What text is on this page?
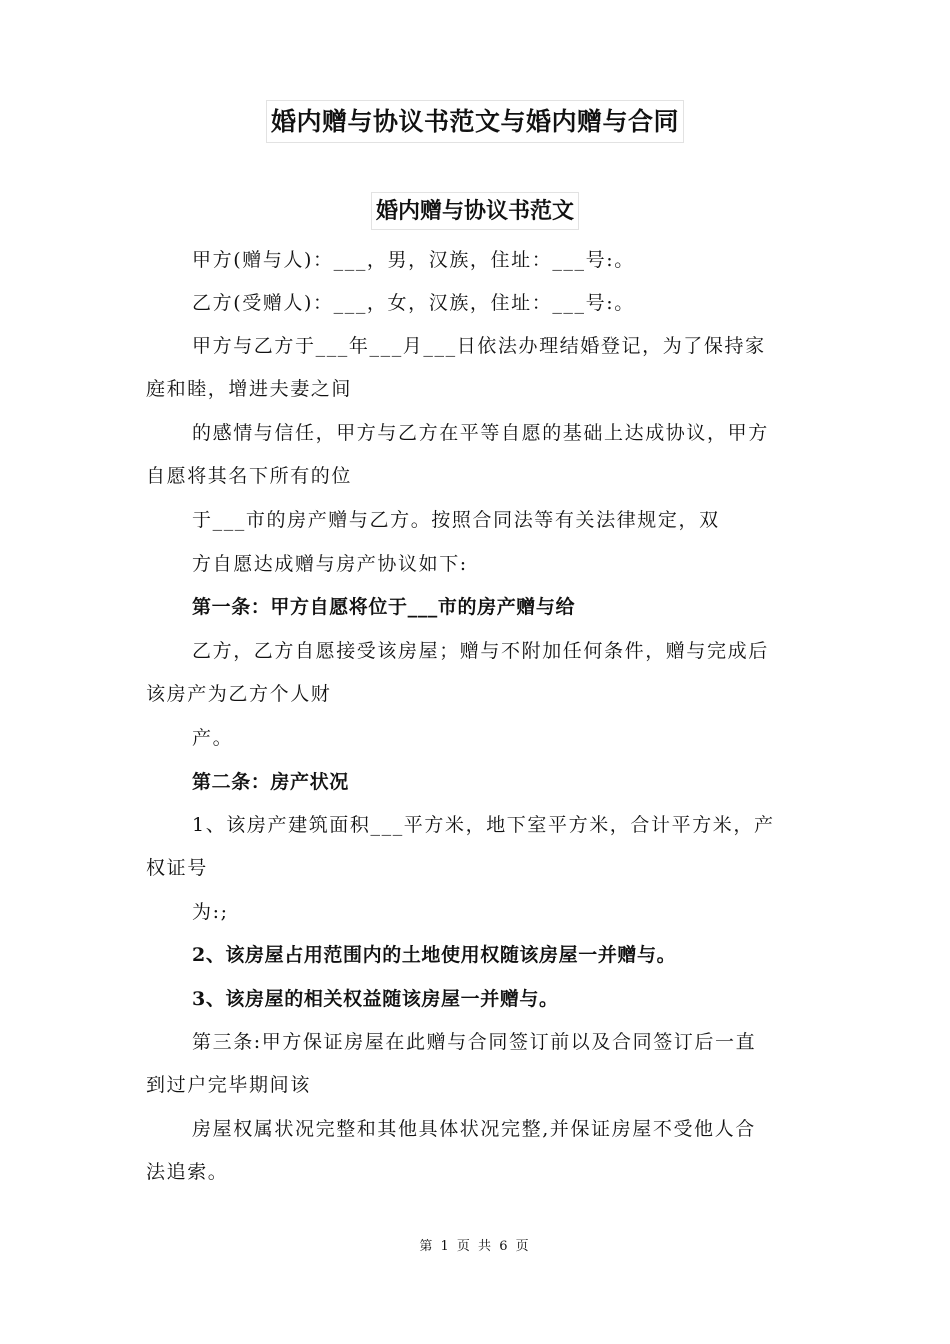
婚内赠与协议书范文与婚内赠与合同
婚内赠与协议书范文
甲方(赠与人)：___，男，汉族，住址：___号:。
乙方(受赠人)：___，女，汉族，住址：___号:。
甲方与乙方于___年___月___日依法办理结婚登记，为了保持家
庭和睦，增进夫妻之间
的感情与信任，甲方与乙方在平等自愿的基础上达成协议，甲方
自愿将其名下所有的位
于___市的房产赠与乙方。按照合同法等有关法律规定，双
方自愿达成赠与房产协议如下:
第一条：甲方自愿将位于___市的房产赠与给
乙方，乙方自愿接受该房屋；赠与不附加任何条件，赠与完成后
该房产为乙方个人财
产。
第二条：房产状况
1、该房产建筑面积___平方米，地下室平方米，合计平方米，产
权证号
为:;
2、该房屋占用范围内的土地使用权随该房屋一并赠与。
3、该房屋的相关权益随该房屋一并赠与。
第三条:甲方保证房屋在此赠与合同签订前以及合同签订后一直
到过户完毕期间该
房屋权属状况完整和其他具体状况完整,并保证房屋不受他人合
法追索。
第 1 页 共 6 页
